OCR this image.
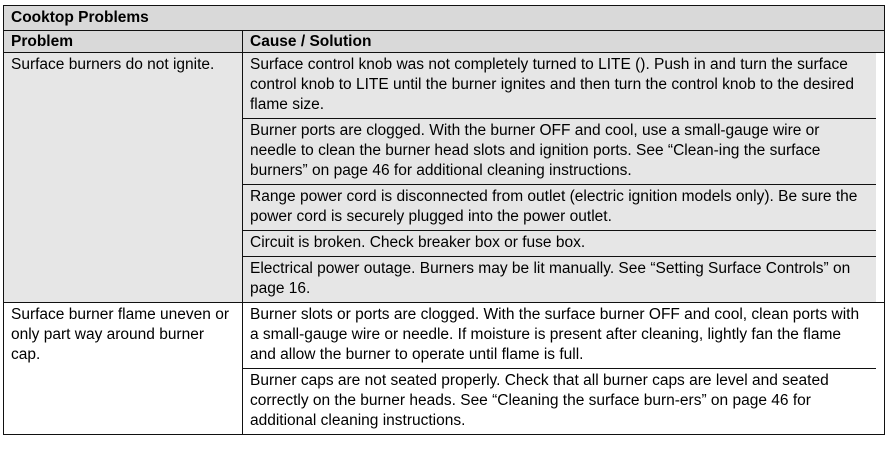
Cooktop Problems
Problem	Cause / Solution
Surface burners do not ignite.	Surface control knob was not completely turned to LITE (). Push in and turn the surface control knob to LITE until the burner ignites and then turn the control knob to the desired flame size.
Burner ports are clogged. With the burner OFF and cool, use a small-gauge wire or needle to clean the burner head slots and ignition ports. See “Clean-ing the surface burners” on page 46 for additional cleaning instructions.
Range power cord is disconnected from outlet (electric ignition models only). Be sure the power cord is securely plugged into the power outlet.
Circuit is broken. Check breaker box or fuse box.
Electrical power outage. Burners may be lit manually. See “Setting Surface Controls” on page 16.
Surface burner flame uneven or only part way around burner cap.
Burner slots or ports are clogged. With the surface burner OFF and cool, clean ports with a small-gauge wire or needle. If moisture is present after cleaning, lightly fan the flame and allow the burner to operate until flame is full.
Burner caps are not seated properly. Check that all burner caps are level and seated correctly on the burner heads. See “Cleaning the surface burn-ers” on page 46 for additional cleaning instructions.
